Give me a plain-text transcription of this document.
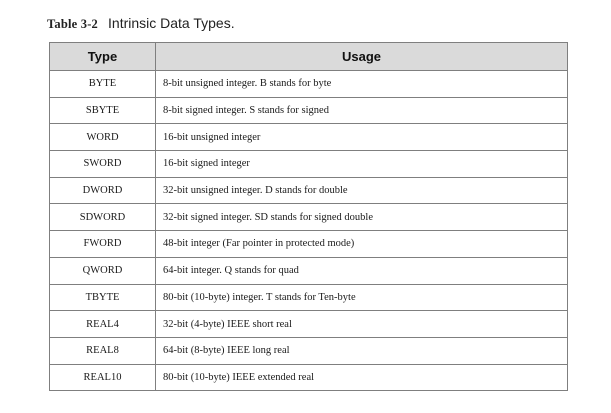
Table 3-2 Intrinsic Data Types.
Type	Usage
BYTE	8-bit unsigned integer. B stands for byte
SBYTE	8-bit signed integer. S stands for signed
WORD	16-bit unsigned integer
SWORD	16-bit signed integer
DWORD	32-bit unsigned integer. D stands for double
SDWORD	32-bit signed integer. SD stands for signed double
FWORD	48-bit integer (Far pointer in protected mode)
QWORD	64-bit integer. Q stands for quad
TBYTE	80-bit (10-byte) integer. T stands for Ten-byte
REAL4	32-bit (4-byte) IEEE short real
REAL8	64-bit (8-byte) IEEE long real
REAL10	80-bit (10-byte) IEEE extended real
